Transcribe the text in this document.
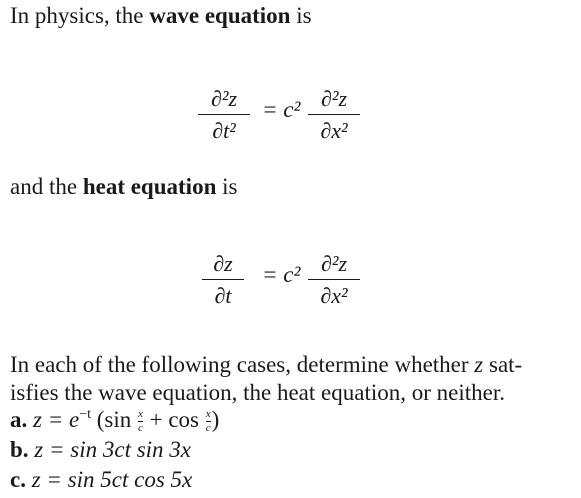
In physics, the wave equation is
∂²z
∂t²
= c² ∂²z
∂x²
and the heat equation is
∂z
∂t
= c² ∂²z
∂x²
In each of the following cases, determine whether z sat-
isfies the wave equation, the heat equation, or neither.
a. $z = e^{-t}$ ($\sin \frac{x}{c} + \cos \frac{x}{c}$ )
b. z = sin 3ct sin 3x
c. z = sin 5ct cos 5x
